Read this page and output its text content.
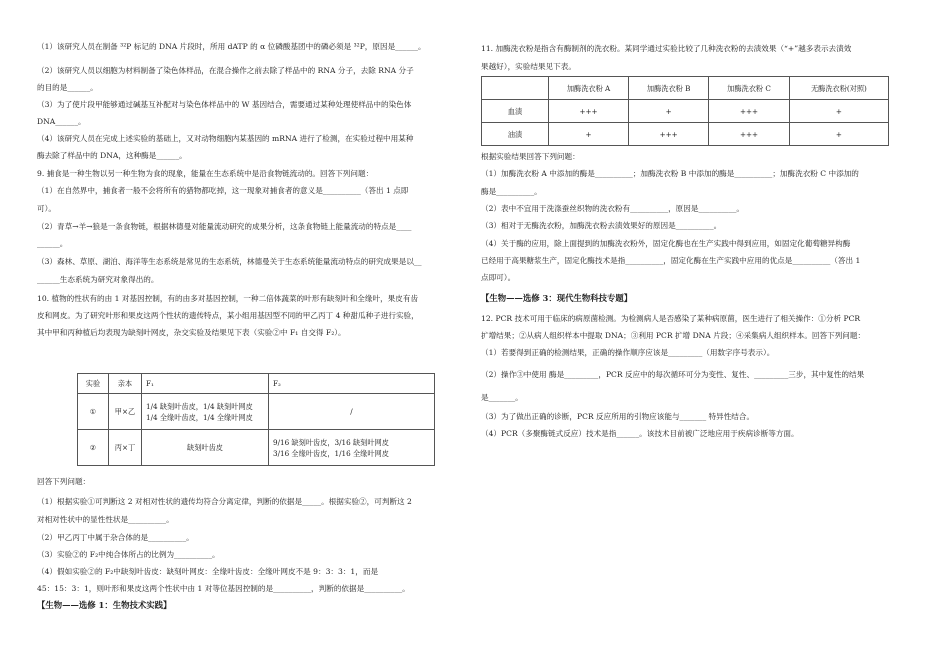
（1）该研究人员在制备 ³²P 标记的 DNA 片段时，所用 dATP 的 α 位磷酸基团中的磷必须是 ³²P，原因是______。
（2）该研究人员以细胞为材料制备了染色体样品，在混合操作之前去除了样品中的 RNA 分子，去除 RNA 分子
的目的是______。
（3）为了使片段甲能够通过碱基互补配对与染色体样品中的 W 基因结合，需要通过某种处理使样品中的染色体
DNA______。
（4）该研究人员在完成上述实验的基础上，又对动物细胞内某基因的 mRNA 进行了检测，在实验过程中用某种
酶去除了样品中的 DNA，这种酶是______。
9. 捕食是一种生物以另一种生物为食的现象，能量在生态系统中是沿食物链流动的。回答下列问题：
（1）在自然界中，捕食者一般不会将所有的猎物都吃掉，这一现象对捕食者的意义是__________（答出 1 点即
可）。
（2）青草→羊→狼是一条食物链，根据林德曼对能量流动研究的成果分析，这条食物链上能量流动的特点是____
______。
（3）森林、草原、湖泊、海洋等生态系统是常见的生态系统，林德曼关于生态系统能量流动特点的研究成果是以__
______生态系统为研究对象得出的。
10. 植物的性状有的由 1 对基因控制，有的由多对基因控制，一种二倍体蔬菜的叶形有缺刻叶和全缘叶，果皮有齿
皮和网皮。为了研究叶形和果皮这两个性状的遗传特点，某小组用基因型不同的甲乙丙丁 4 种甜瓜种子进行实验，
其中甲和丙种植后均表现为缺刻叶网皮，杂交实验及结果见下表（实验②中 F₁ 自交得 F₂）。
实验	亲本	F₁	F₂
①	甲×乙	1/4 缺刻叶齿皮，1/4 缺刻叶网皮
1/4 全缘叶齿皮，1/4 全缘叶网皮	/
②	丙×丁	缺刻叶齿皮	9/16 缺刻叶齿皮，3/16 缺刻叶网皮
3/16 全缘叶齿皮，1/16 全缘叶网皮
回答下列问题：
（1）根据实验①可判断这 2 对相对性状的遗传均符合分离定律，判断的依据是_____。根据实验②，可判断这 2
对相对性状中的显性性状是__________。
（2）甲乙丙丁中属于杂合体的是__________。
（3）实验②的 F₂中纯合体所占的比例为__________。
（4）假如实验②的 F₂中缺刻叶齿皮：缺刻叶网皮：全缘叶齿皮：全缘叶网皮不是 9：3：3：1，而是
45：15：3：1，则叶形和果皮这两个性状中由 1 对等位基因控制的是__________，判断的依据是__________。
【生物——选修 1：生物技术实践】
11. 加酶洗衣粉是指含有酶制剂的洗衣粉。某同学通过实验比较了几种洗衣粉的去渍效果（“+”越多表示去渍效
果越好），实验结果见下表。
	加酶洗衣粉 A	加酶洗衣粉 B	加酶洗衣粉 C	无酶洗衣粉(对照)
血渍	+++	+	+++	+
油渍	+	+++	+++	+
根据实验结果回答下列问题：
（1）加酶洗衣粉 A 中添加的酶是__________；加酶洗衣粉 B 中添加的酶是__________；加酶洗衣粉 C 中添加的
酶是__________。
（2）表中不宜用于洗涤蚕丝织物的洗衣粉有__________，原因是__________。
（3）相对于无酶洗衣粉，加酶洗衣粉去渍效果好的原因是__________。
（4）关于酶的应用，除上面提到的加酶洗衣粉外，固定化酶也在生产实践中得到应用，如固定化葡萄糖异构酶
已经用于高果糖浆生产，固定化酶技术是指__________，固定化酶在生产实践中应用的优点是__________（答出 1
点即可）。
【生物——选修 3：现代生物科技专题】
12. PCR 技术可用于临床的病原菌检测。为检测病人是否感染了某种病原菌，医生进行了相关操作：①分析 PCR
扩增结果；②从病人组织样本中提取 DNA；③利用 PCR 扩增 DNA 片段；④采集病人组织样本。回答下列问题：
（1）若要得到正确的检测结果，正确的操作顺序应该是_________（用数字序号表示）。
（2）操作③中使用 酶是_________，PCR 反应中的每次循环可分为变性、复性、_________三步，其中复性的结果
是_______。
（3）为了做出正确的诊断，PCR 反应所用的引物应该能与_______ 特异性结合。
（4）PCR（多聚酶链式反应）技术是指______。该技术目前被广泛地应用于疾病诊断等方面。
